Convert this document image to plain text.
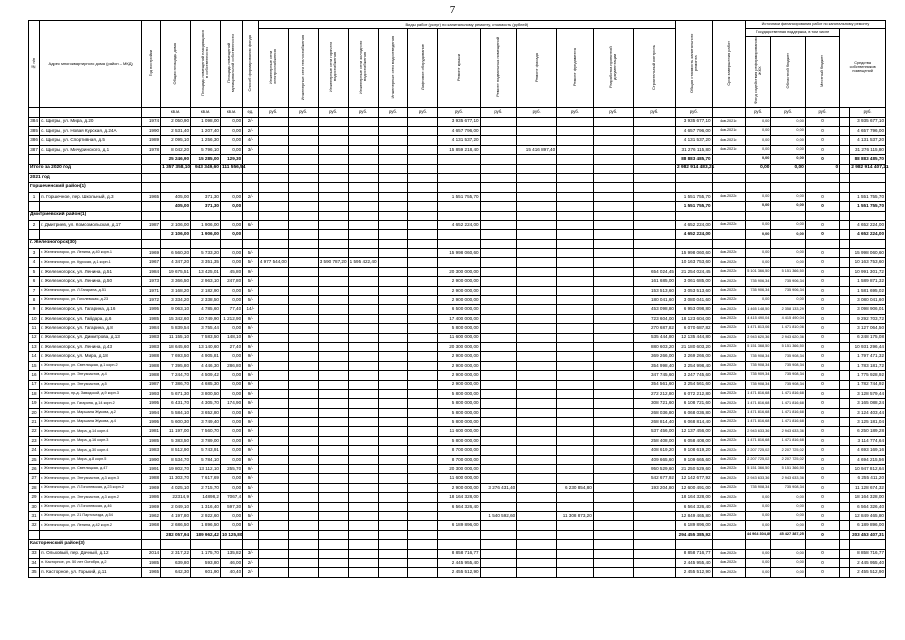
7
№ п/п	Адрес многоквартирного дома (район – МКД)	Год постройки	Общая площадь дома	Площадь помещений находящихся в собственности	Площадь помещений муниципальной собственности	Способ формирования фонда	Виды работ (услуг) по капитальному ремонту, стоимость (рублей)												Общая стоимость капитального ремонта	Срок завершения работ	Источники финансирования работ по капитальному ремонту				
							Инженерные сети электроснабжения	Инженерные сети теплоснабжения	Инженерные сети горячего водоснабжения	Инженерные сети холодного водоснабжения	Инженерные сети водоотведения	Лифтовое оборудование	Ремонт крыши	Ремонт подвальных помещений	Ремонт фасада	Ремонт фундамента	Разработка проектной документации	Строительный контроль			Государственная поддержка, в том числе			Средства собственников помещений	
																					Фонд содействия реформированию ЖКХ	Областной бюджет	Местный бюджет		
			кв.м.	кв.м.	кв.м.	ед.	руб.	руб.	руб.	руб.	руб.	руб.	руб.	руб.	руб.	руб.	руб.	руб.	руб.		руб.	руб.	руб.		руб.
384	с. Щигры, ул. Мира, д.20	1974	2 050,90	1 098,00	0,00	2/-							3 935 677,10						3 935 677,10	4кв.2021г.	0,00	0,00	0		3 935 677,10
385	с. Щигры, ул. Новая Курская, д.24А	1990	2 531,40	1 207,40	0,00	2/-							4 657 796,00						4 657 796,00	4кв.2021г.	0,00	0,00	0		4 657 796,00
386	с. Щигры, ул. Спортивная, д.5	1989	2 095,10	1 256,30	0,00	4/-							4 131 537,20						4 131 537,20	4кв.2021г.	0,00	0,00	0		4 131 537,20
387	с. Щигры, ул. Мичуринского, д.1	1978	8 042,20	5 796,10	0,00	3/-							15 859 218,40		15 416 897,40				31 276 115,80	4кв.2021г.	0,00	0,00	0		31 276 115,80
			25 246,90	15 285,00	129,30														88 883 485,70		0,00	0,00	0		88 883 485,70
Итого за 2020 год			1 357 358,10	943 349,60	111 556,54														2 982 914 483,21		0,00	0,00	0		2 982 914 407,21
2021 год																									
Горшеченский район(1)																									
1	п. Горшечное, пер. Школьный, д.3	1965	405,00	371,30	0,00	2/-							1 551 755,70						1 551 755,70	4кв.2022г.	0,00	0,00	0		1 551 755,70
			405,00	371,30	0,00														1 551 755,70		0,00	0,00	0		1 551 755,70
Дмитриевский район(1)																									
2	г. Дмитриев, ул. Комсомольская, д.17	1987	2 106,00	1 906,00	0,00	6/-							4 652 224,00						4 652 224,00	4кв.2022г.	0,00	0,00	0		4 652 224,00
			2 106,00	1 906,00	0,00														4 652 224,00		0,00	0,00	0		4 652 224,00
г. Железногорск(30)																									
3	г. Железногорск, ул. Ленина, д.40 корп.1	1969	6 560,20	5 733,20	0,00	5/-							15 998 060,60						15 998 060,60	4кв.2022г.	0,00	0,00	0		15 998 060,60
4	г. Железногорск, ул. Курская, д.1 корп.1	1967	4 347,20	3 351,35	0,00	5/-	4 977 544,00		3 590 787,20	1 595 422,40									10 163 753,60	4кв.2022г.	0,00	0,00	0		10 163 753,60
5	г. Железногорск, ул. Ленина, д.51	1984	19 675,51	13 425,01	45,80	9/-							20 300 000,00					654 024,45	21 254 024,45	4кв.2022г.	5 101 366,50	5 151 366,50	0		10 991 301,72
6	г. Железногорск, ул. Ленина, д.50	1973	3 366,50	2 963,10	247,80	5/-							2 900 000,00					161 685,00	3 061 685,00	4кв.2022г.	735 906,34	735 906,34	0		1 589 871,32
7	г. Железногорск, ул. Л.Гагарина, д.51	1971	3 168,20	2 182,90	0,00	5/-							2 900 000,00					153 513,60	3 053 513,60	4кв.2022г.	735 906,34	735 906,34	0		1 581 695,02
8	г. Железногорск, ул. Гоголевская, д.23	1972	3 334,20	2 338,50	0,00	5/-							2 900 000,00					180 041,60	3 080 041,60	4кв.2022г.	0,00	0,00	0		3 080 041,60
9	г. Железногорск, ул. Гагарина, д.16	1995	9 063,10	4 785,60	77,40	14/-							6 500 000,00					453 098,80	6 953 098,80	4кв.2022г.	1 465 148,50	2 358 133,29	0		3 098 906,01
10	г. Железногорск, ул. Гайдара, д.6	1985	15 342,60	10 749,90	1 212,90	9/-							17 400 000,00					723 604,00	18 123 604,00	4кв.2022г.	4 415 490,04	4 415 490,04	0		9 292 703,72
11	г. Железногорск, ул. Гагарина, д.8	1984	5 839,54	3 755,44	0,00	9/-							5 800 000,00					270 687,82	6 070 687,82	4кв.2022г.	1 471 813,06	1 471 810,06	0		3 127 064,50
12	г. Железногорск, ул. Димитрова, д.13	1983	11 155,10	7 583,50	148,10	9/-							11 600 000,00					535 444,80	12 135 444,80	4кв.2022г.	2 943 620,36	2 943 620,36	0		6 248 175,08
13	г. Железногорск, ул. Ленина, д.43	1983	18 645,60	13 140,60	27,40	9/-							20 300 000,00					880 603,20	21 180 603,20	4кв.2022г.	5 151 368,50	5 151 366,50	0		10 931 296,44
14	г. Железногорск, ул. Мира, д.18	1988	7 693,50	4 905,81	0,00	9/-							2 900 000,00					369 266,00	3 269 266,00	4кв.2022г.	735 908,34	735 908,34	0		1 797 471,32
15	г. Железногорск, ул. Светлицкая, д.1 корп.2	1988	7 395,80	4 446,30	286,80	9/-							2 900 000,00					354 998,40	3 254 998,40	4кв.2022г.	735 908,34	735 908,34	0		1 783 181,72
16	г. Железногорск, ул. Энтузиастов, д.4	1988	7 244,70	4 509,42	0,00	9/-							2 900 000,00					347 745,60	3 247 745,60	4кв.2022г.	735 909,34	735 908,34	0		1 775 928,92
17	г. Железногорск, ул. Энтузиастов, д.5	1987	7 386,70	4 685,30	0,00	9/-							2 900 000,00					354 561,60	3 254 561,60	4кв.2022г.	735 908,34	735 908,34	0		1 782 744,92
18	г. Железногорск, пр-д. Заводской, д.9 корп.3	1993	5 671,30	3 800,50	0,00	9/-							5 800 000,00					272 212,80	6 072 212,80	4кв.2022г.	1 471 816,68	1 471 816,68	0		3 128 579,44
19	г. Железногорск, ул. Гагарина, д.14 корп.2	1995	6 431,70	4 305,70	174,90	9/-							5 800 000,00					308 721,60	6 108 721,60	4кв.2022г.	1 471 816,68	1 471 816,68	0		3 165 088,24
20	г. Железногорск, ул. Маршала Жукова, д.2	1994	5 584,10	3 652,80	0,00	9/-							5 800 000,00					268 036,80	6 068 036,80	4кв.2022г.	1 471 816,68	1 471 816,68	0		3 124 403,44
21	г. Железногорск, ул. Маршала Жукова, д.4	1995	5 600,30	3 749,40	0,00	9/-							5 800 000,00					268 814,40	6 068 814,40	4кв.2022г.	1 471 816,68	1 471 816,68	0		3 125 181,04
22	г. Железногорск, ул. Мира, д.14 корп.4	1981	11 197,00	7 560,70	0,00	9/-							11 600 000,00					537 456,00	12 137 456,00	4кв.2022г.	2 943 633,36	2 943 633,36	0		6 250 189,28
23	г. Железногорск, ул. Мира, д.16 корп.3	1985	5 383,50	3 789,00	0,00	9/-							5 800 000,00					258 408,00	6 058 408,00	4кв.2022г.	1 471 816,68	1 471 816,68	0		3 114 774,64
24	г. Железногорск, ул. Мира, д.30 корп.4	1983	8 512,90	5 743,91	0,00	9/-							8 700 000,00					408 619,20	9 108 619,20	4кв.2022г.	2 207 725,02	2 207 725,02	0		4 693 169,16
25	г. Железногорск, ул. Мира, д.8 корп.5	1990	8 534,70	5 784,10	0,00	9/-							8 700 000,00					409 665,60	9 109 665,60	4кв.2022г.	2 207 725,02	2 207 725,02	0		4 694 215,56
26	г. Железногорск, ул. Светлицкая, д.47	1991	19 802,70	13 112,10	255,70	9/-							20 300 000,00					950 529,60	21 250 529,60	4кв.2022г.	5 151 366,50	5 151 366,50	0		10 947 812,64
27	г. Железногорск, ул. Энтузиастов, д.3 корп.3	1988	11 303,70	7 617,69	0,00	9/-							11 600 000,00					542 677,92	12 142 677,92	4кв.2022г.	2 943 633,36	2 943 633,36	0		6 255 411,20
28	г. Железногорск, ул. Л.Гоголевская, д.23 корп.2	1969	4 025,10	2 715,70	0,00	5/-							2 900 000,00	3 276 431,40		6 230 854,80		193 204,80	12 600 491,00	4кв.2022г.	735 908,34	735 908,34	0		11 128 674,32
29	г. Железногорск, ул. Энтузиастов, д.3 корп.2	1986	22314,9	14898,2	7067,4	9/-							18 164 328,00						18 164 328,00	4кв.2022г.	0,00	0,00	0		18 164 328,00
30	г. Железногорск, ул. Л.Гоголевская, д.46	1969	2 049,10	1 316,40	597,30	5/-							6 564 326,40						6 564 326,40	4кв.2022г.	0,00	0,00	0		6 564 326,40
31	г. Железногорск, ул. 21 Партсъезда, д.54	1962	4 197,80	2 922,60	0,00	5/-								1 540 592,60		11 308 873,20			12 849 465,80	4кв.2022г.	0,00	0,00	0		12 849 465,80
32	г. Железногорск, ул. Ленина, д.42 корп.2	1968	2 686,50	1 896,50	0,00	5/-							6 189 896,00						6 189 896,00	4кв.2022г.	0,00	0,00	0		6 189 896,00
			282 057,94	189 962,42	10 125,80														294 455 385,92		44 964 304,89	45 427 387,25	0		203 453 407,31
Касторенский район(3)																									
33	п. Ольховый, пер. Дачный, д.12	2014	2 317,22	1 175,70	135,82	3/-							8 858 716,77						8 858 716,77	4кв.2022г.	0,00	0,00	0		8 858 716,77
34	п. Касторное, ул. 50 лет Октября, д.2	1985	639,80	593,80	46,00	2/-							2 445 955,40						2 445 955,40	4кв.2022г.	0,00	0,00	0		2 445 955,40
35	п. Касторное, ул. Горький, д.11	1965	642,30	601,90	40,40	2/-							2 455 512,90						2 455 512,90	4кв.2022г.	0,00	0,00	0		2 455 512,90
